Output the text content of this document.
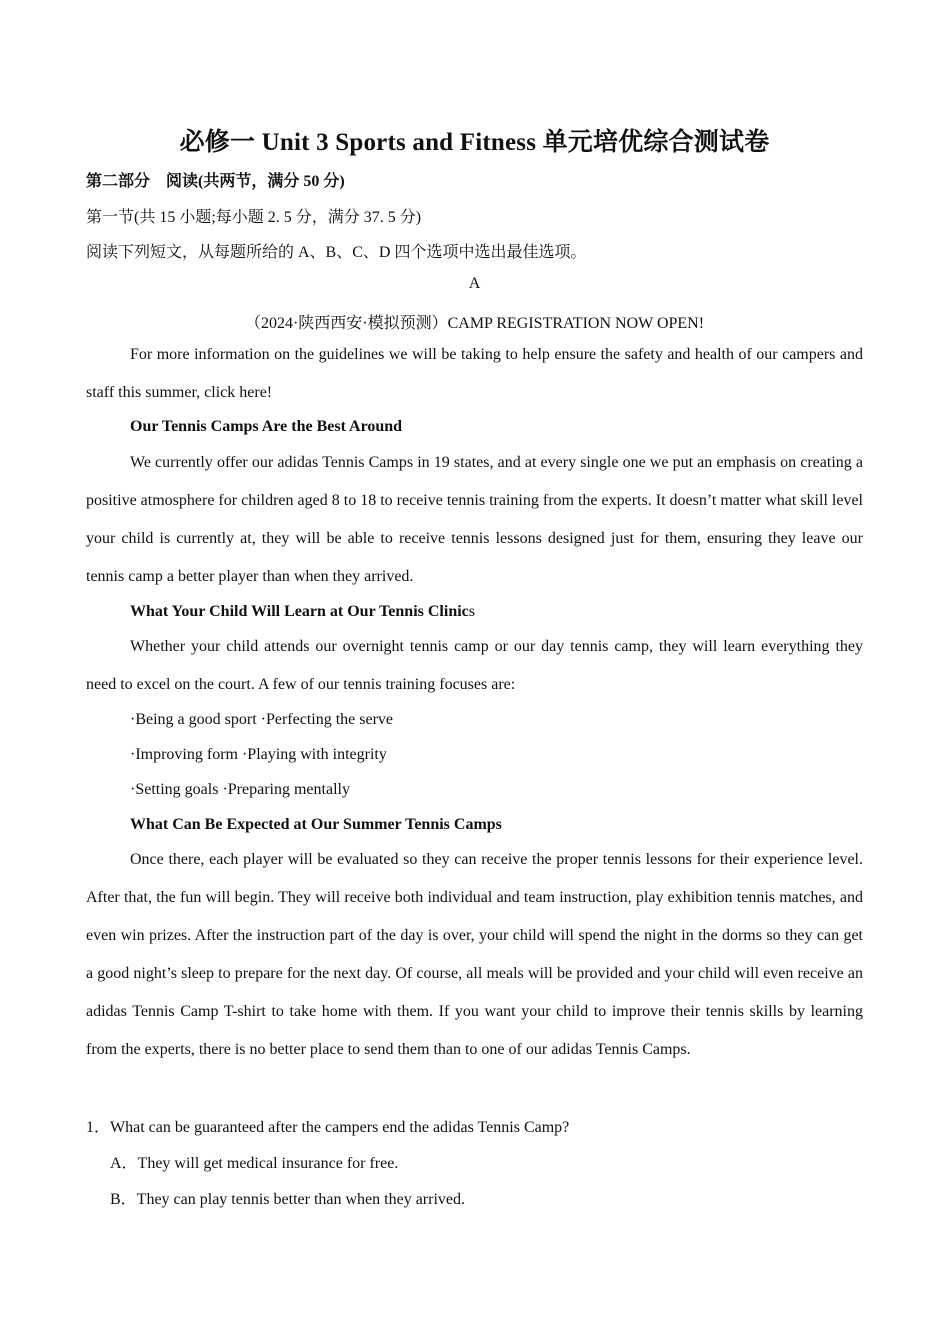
必修一 Unit 3 Sports and Fitness 单元培优综合测试卷
第二部分　阅读(共两节，满分 50 分)
第一节(共 15 小题;每小题 2. 5 分，满分 37. 5 分)
阅读下列短文，从每题所给的 A、B、C、D 四个选项中选出最佳选项。
A
（2024·陕西西安·模拟预测）CAMP REGISTRATION NOW OPEN!
For more information on the guidelines we will be taking to help ensure the safety and health of our campers and staff this summer, click here!
Our Tennis Camps Are the Best Around
We currently offer our adidas Tennis Camps in 19 states, and at every single one we put an emphasis on creating a positive atmosphere for children aged 8 to 18 to receive tennis training from the experts. It doesn’t matter what skill level your child is currently at, they will be able to receive tennis lessons designed just for them, ensuring they leave our tennis camp a better player than when they arrived.
What Your Child Will Learn at Our Tennis Clinics
Whether your child attends our overnight tennis camp or our day tennis camp, they will learn everything they need to excel on the court. A few of our tennis training focuses are:
·Being a good sport ·Perfecting the serve
·Improving form ·Playing with integrity
·Setting goals ·Preparing mentally
What Can Be Expected at Our Summer Tennis Camps
Once there, each player will be evaluated so they can receive the proper tennis lessons for their experience level. After that, the fun will begin. They will receive both individual and team instruction, play exhibition tennis matches, and even win prizes. After the instruction part of the day is over, your child will spend the night in the dorms so they can get a good night’s sleep to prepare for the next day. Of course, all meals will be provided and your child will even receive an adidas Tennis Camp T-shirt to take home with them. If you want your child to improve their tennis skills by learning from the experts, there is no better place to send them than to one of our adidas Tennis Camps.
1．What can be guaranteed after the campers end the adidas Tennis Camp?
A．They will get medical insurance for free.
B．They can play tennis better than when they arrived.
